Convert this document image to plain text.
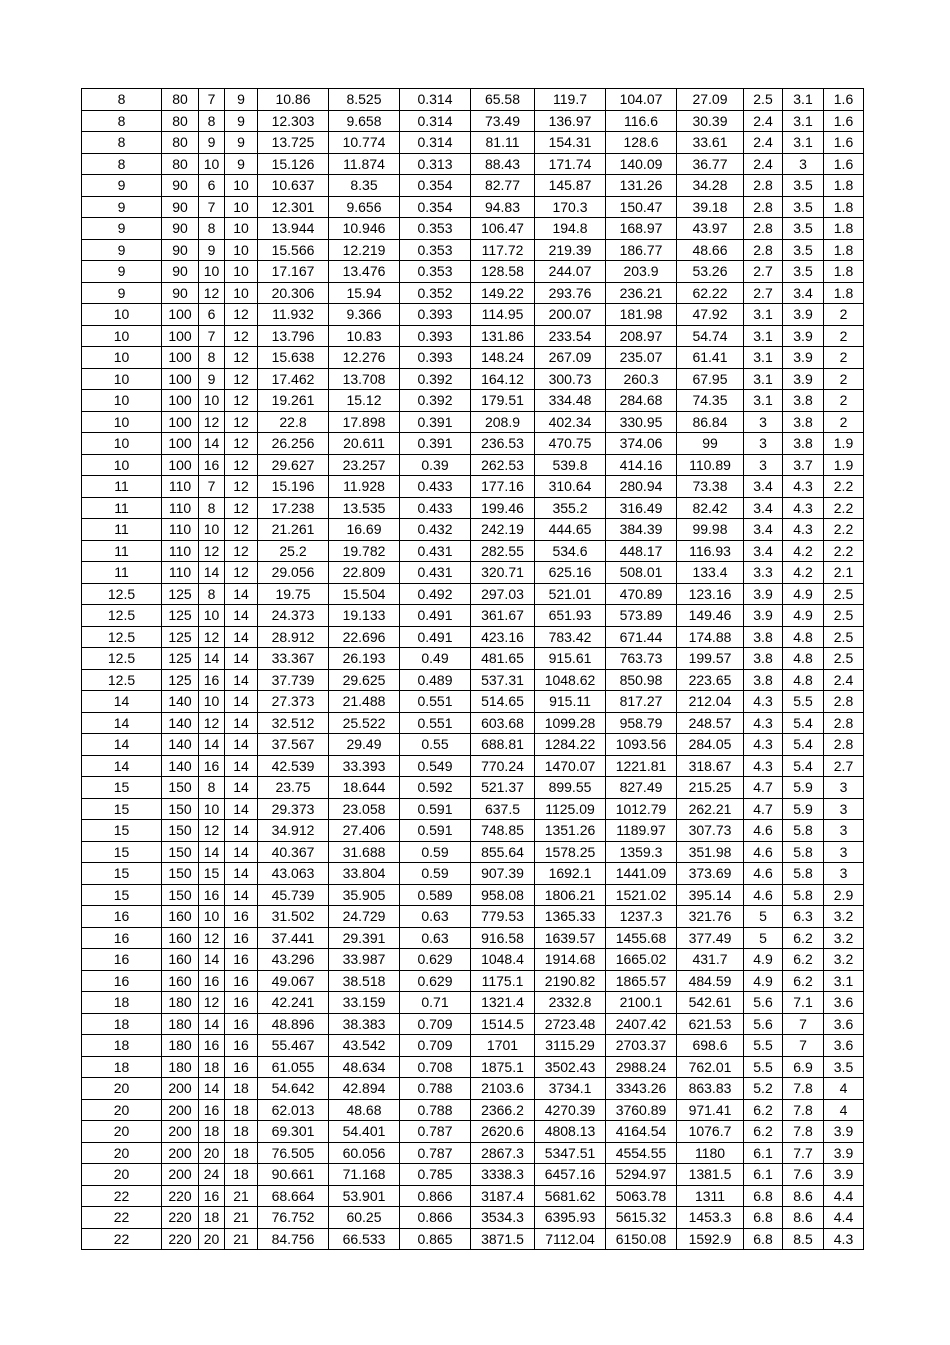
8	80	7	9	10.86	8.525	0.314	65.58	119.7	104.07	27.09	2.5	3.1	1.6
8	80	8	9	12.303	9.658	0.314	73.49	136.97	116.6	30.39	2.4	3.1	1.6
8	80	9	9	13.725	10.774	0.314	81.11	154.31	128.6	33.61	2.4	3.1	1.6
8	80	10	9	15.126	11.874	0.313	88.43	171.74	140.09	36.77	2.4	3	1.6
9	90	6	10	10.637	8.35	0.354	82.77	145.87	131.26	34.28	2.8	3.5	1.8
9	90	7	10	12.301	9.656	0.354	94.83	170.3	150.47	39.18	2.8	3.5	1.8
9	90	8	10	13.944	10.946	0.353	106.47	194.8	168.97	43.97	2.8	3.5	1.8
9	90	9	10	15.566	12.219	0.353	117.72	219.39	186.77	48.66	2.8	3.5	1.8
9	90	10	10	17.167	13.476	0.353	128.58	244.07	203.9	53.26	2.7	3.5	1.8
9	90	12	10	20.306	15.94	0.352	149.22	293.76	236.21	62.22	2.7	3.4	1.8
10	100	6	12	11.932	9.366	0.393	114.95	200.07	181.98	47.92	3.1	3.9	2
10	100	7	12	13.796	10.83	0.393	131.86	233.54	208.97	54.74	3.1	3.9	2
10	100	8	12	15.638	12.276	0.393	148.24	267.09	235.07	61.41	3.1	3.9	2
10	100	9	12	17.462	13.708	0.392	164.12	300.73	260.3	67.95	3.1	3.9	2
10	100	10	12	19.261	15.12	0.392	179.51	334.48	284.68	74.35	3.1	3.8	2
10	100	12	12	22.8	17.898	0.391	208.9	402.34	330.95	86.84	3	3.8	2
10	100	14	12	26.256	20.611	0.391	236.53	470.75	374.06	99	3	3.8	1.9
10	100	16	12	29.627	23.257	0.39	262.53	539.8	414.16	110.89	3	3.7	1.9
11	110	7	12	15.196	11.928	0.433	177.16	310.64	280.94	73.38	3.4	4.3	2.2
11	110	8	12	17.238	13.535	0.433	199.46	355.2	316.49	82.42	3.4	4.3	2.2
11	110	10	12	21.261	16.69	0.432	242.19	444.65	384.39	99.98	3.4	4.3	2.2
11	110	12	12	25.2	19.782	0.431	282.55	534.6	448.17	116.93	3.4	4.2	2.2
11	110	14	12	29.056	22.809	0.431	320.71	625.16	508.01	133.4	3.3	4.2	2.1
12.5	125	8	14	19.75	15.504	0.492	297.03	521.01	470.89	123.16	3.9	4.9	2.5
12.5	125	10	14	24.373	19.133	0.491	361.67	651.93	573.89	149.46	3.9	4.9	2.5
12.5	125	12	14	28.912	22.696	0.491	423.16	783.42	671.44	174.88	3.8	4.8	2.5
12.5	125	14	14	33.367	26.193	0.49	481.65	915.61	763.73	199.57	3.8	4.8	2.5
12.5	125	16	14	37.739	29.625	0.489	537.31	1048.62	850.98	223.65	3.8	4.8	2.4
14	140	10	14	27.373	21.488	0.551	514.65	915.11	817.27	212.04	4.3	5.5	2.8
14	140	12	14	32.512	25.522	0.551	603.68	1099.28	958.79	248.57	4.3	5.4	2.8
14	140	14	14	37.567	29.49	0.55	688.81	1284.22	1093.56	284.05	4.3	5.4	2.8
14	140	16	14	42.539	33.393	0.549	770.24	1470.07	1221.81	318.67	4.3	5.4	2.7
15	150	8	14	23.75	18.644	0.592	521.37	899.55	827.49	215.25	4.7	5.9	3
15	150	10	14	29.373	23.058	0.591	637.5	1125.09	1012.79	262.21	4.7	5.9	3
15	150	12	14	34.912	27.406	0.591	748.85	1351.26	1189.97	307.73	4.6	5.8	3
15	150	14	14	40.367	31.688	0.59	855.64	1578.25	1359.3	351.98	4.6	5.8	3
15	150	15	14	43.063	33.804	0.59	907.39	1692.1	1441.09	373.69	4.6	5.8	3
15	150	16	14	45.739	35.905	0.589	958.08	1806.21	1521.02	395.14	4.6	5.8	2.9
16	160	10	16	31.502	24.729	0.63	779.53	1365.33	1237.3	321.76	5	6.3	3.2
16	160	12	16	37.441	29.391	0.63	916.58	1639.57	1455.68	377.49	5	6.2	3.2
16	160	14	16	43.296	33.987	0.629	1048.4	1914.68	1665.02	431.7	4.9	6.2	3.2
16	160	16	16	49.067	38.518	0.629	1175.1	2190.82	1865.57	484.59	4.9	6.2	3.1
18	180	12	16	42.241	33.159	0.71	1321.4	2332.8	2100.1	542.61	5.6	7.1	3.6
18	180	14	16	48.896	38.383	0.709	1514.5	2723.48	2407.42	621.53	5.6	7	3.6
18	180	16	16	55.467	43.542	0.709	1701	3115.29	2703.37	698.6	5.5	7	3.6
18	180	18	16	61.055	48.634	0.708	1875.1	3502.43	2988.24	762.01	5.5	6.9	3.5
20	200	14	18	54.642	42.894	0.788	2103.6	3734.1	3343.26	863.83	5.2	7.8	4
20	200	16	18	62.013	48.68	0.788	2366.2	4270.39	3760.89	971.41	6.2	7.8	4
20	200	18	18	69.301	54.401	0.787	2620.6	4808.13	4164.54	1076.7	6.2	7.8	3.9
20	200	20	18	76.505	60.056	0.787	2867.3	5347.51	4554.55	1180	6.1	7.7	3.9
20	200	24	18	90.661	71.168	0.785	3338.3	6457.16	5294.97	1381.5	6.1	7.6	3.9
22	220	16	21	68.664	53.901	0.866	3187.4	5681.62	5063.78	1311	6.8	8.6	4.4
22	220	18	21	76.752	60.25	0.866	3534.3	6395.93	5615.32	1453.3	6.8	8.6	4.4
22	220	20	21	84.756	66.533	0.865	3871.5	7112.04	6150.08	1592.9	6.8	8.5	4.3
